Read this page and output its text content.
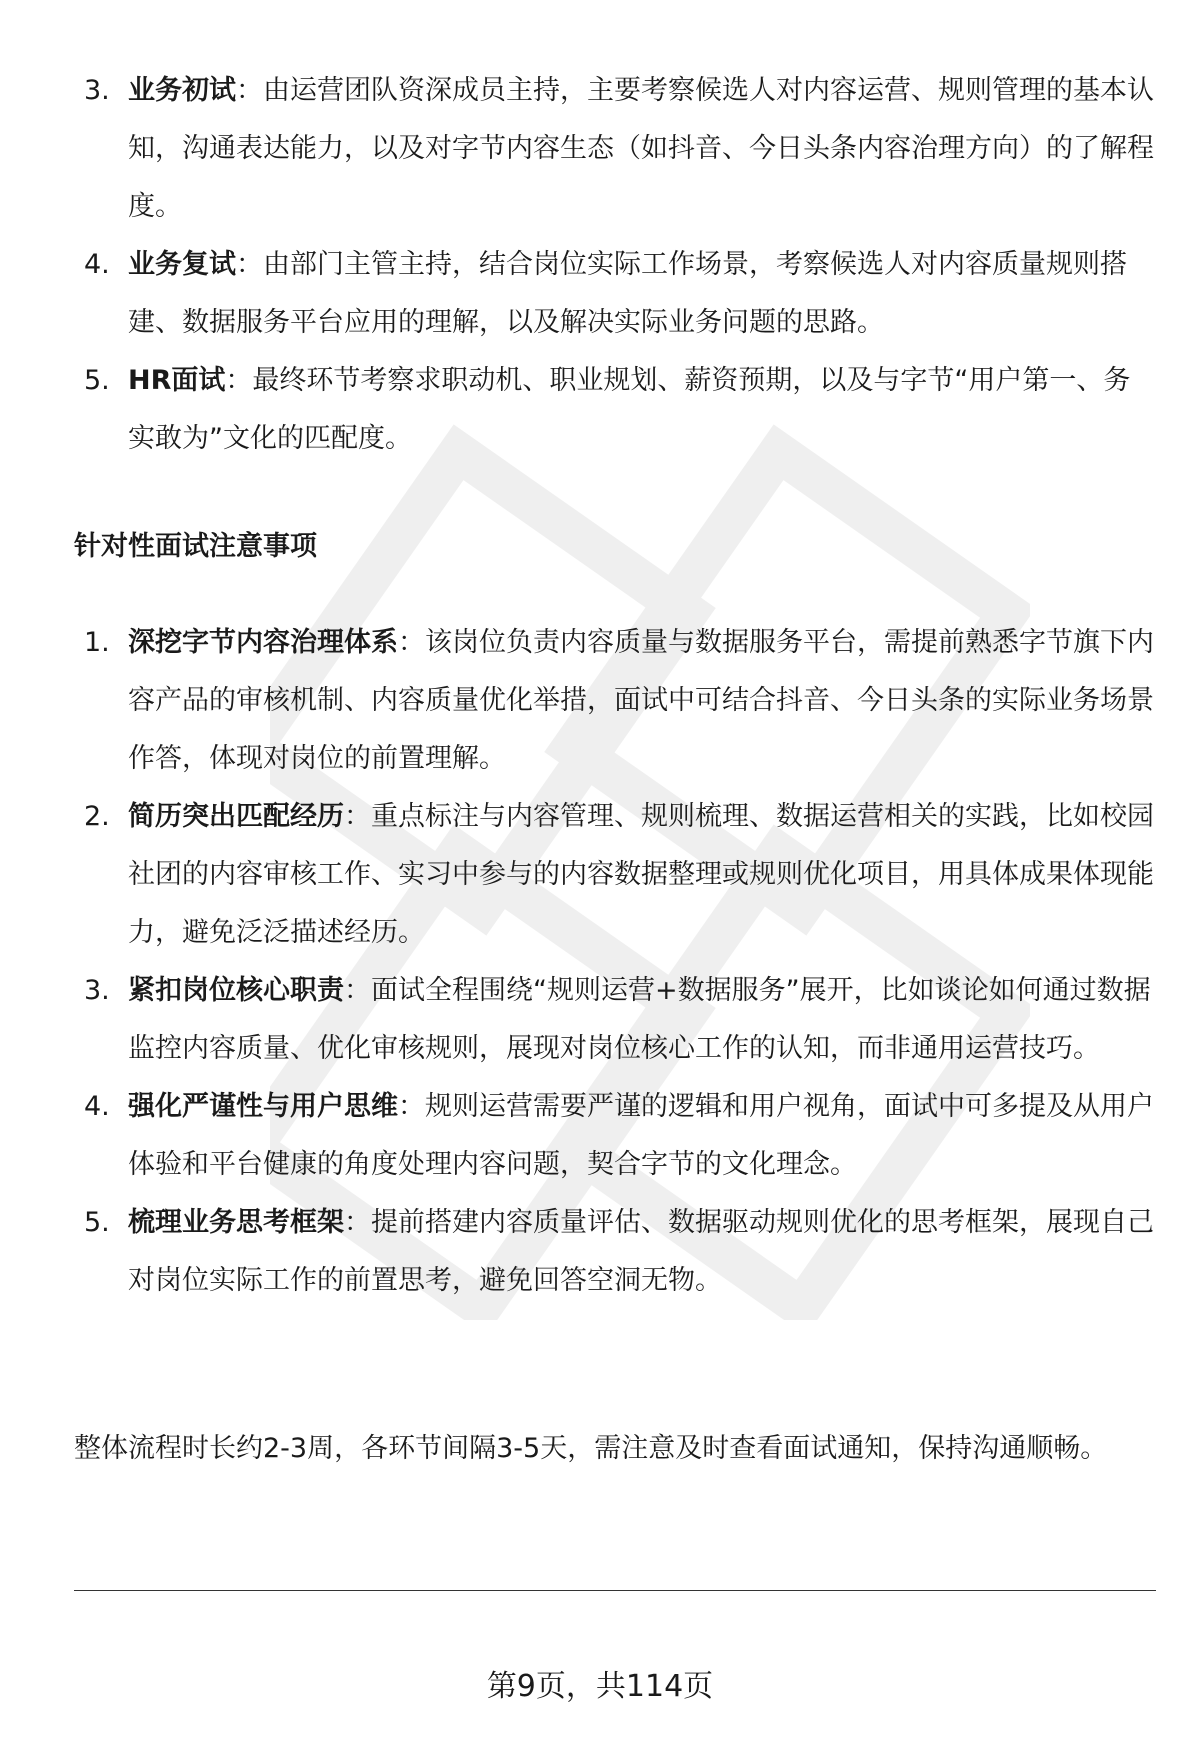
3. 业务初试：由运营团队资深成员主持，主要考察候选人对内容运营、规则管理的基本认知，沟通表达能力，以及对字节内容生态（如抖音、今日头条内容治理方向）的了解程度。
4. 业务复试：由部门主管主持，结合岗位实际工作场景，考察候选人对内容质量规则搭建、数据服务平台应用的理解，以及解决实际业务问题的思路。
5. HR面试：最终环节考察求职动机、职业规划、薪资预期，以及与字节“用户第一、务实敢为”文化的匹配度。
针对性面试注意事项
1. 深挖字节内容治理体系：该岗位负责内容质量与数据服务平台，需提前熟悉字节旗下内容产品的审核机制、内容质量优化举措，面试中可结合抖音、今日头条的实际业务场景作答，体现对岗位的前置理解。
2. 简历突出匹配经历：重点标注与内容管理、规则梳理、数据运营相关的实践，比如校园社团的内容审核工作、实习中参与的内容数据整理或规则优化项目，用具体成果体现能力，避免泛泛描述经历。
3. 紧扣岗位核心职责：面试全程围绕“规则运营+数据服务”展开，比如谈论如何通过数据监控内容质量、优化审核规则，展现对岗位核心工作的认知，而非通用运营技巧。
4. 强化严谨性与用户思维：规则运营需要严谨的逻辑和用户视角，面试中可多提及从用户体验和平台健康的角度处理内容问题，契合字节的文化理念。
5. 梳理业务思考框架：提前搭建内容质量评估、数据驱动规则优化的思考框架，展现自己对岗位实际工作的前置思考，避免回答空洞无物。
整体流程时长约2-3周，各环节间隔3-5天，需注意及时查看面试通知，保持沟通顺畅。
第9页，共114页
